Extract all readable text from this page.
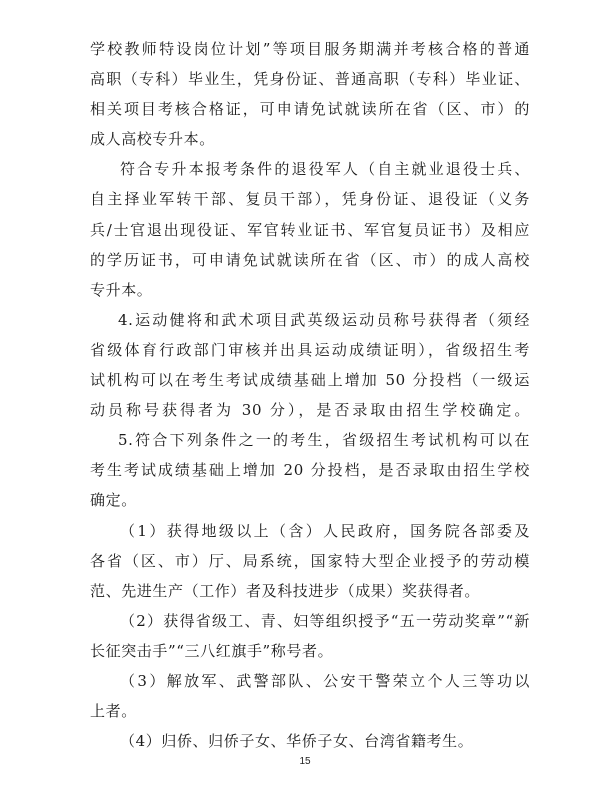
学校教师特设岗位计划”等项目服务期满并考核合格的普通
高职（专科）毕业生，凭身份证、普通高职（专科）毕业证、
相关项目考核合格证，可申请免试就读所在省（区、市）的
成人高校专升本。
符合专升本报考条件的退役军人（自主就业退役士兵、
自主择业军转干部、复员干部），凭身份证、退役证（义务
兵/士官退出现役证、军官转业证书、军官复员证书）及相应
的学历证书，可申请免试就读所在省（区、市）的成人高校
专升本。
4.运动健将和武术项目武英级运动员称号获得者（须经
省级体育行政部门审核并出具运动成绩证明），省级招生考
试机构可以在考生考试成绩基础上增加 50 分投档（一级运
动员称号获得者为 30 分），是否录取由招生学校确定。
5.符合下列条件之一的考生，省级招生考试机构可以在
考生考试成绩基础上增加 20 分投档，是否录取由招生学校
确定。
（1）获得地级以上（含）人民政府，国务院各部委及
各省（区、市）厅、局系统，国家特大型企业授予的劳动模
范、先进生产（工作）者及科技进步（成果）奖获得者。
（2）获得省级工、青、妇等组织授予“五一劳动奖章”“新
长征突击手”“三八红旗手”称号者。
（3）解放军、武警部队、公安干警荣立个人三等功以
上者。
（4）归侨、归侨子女、华侨子女、台湾省籍考生。
15
